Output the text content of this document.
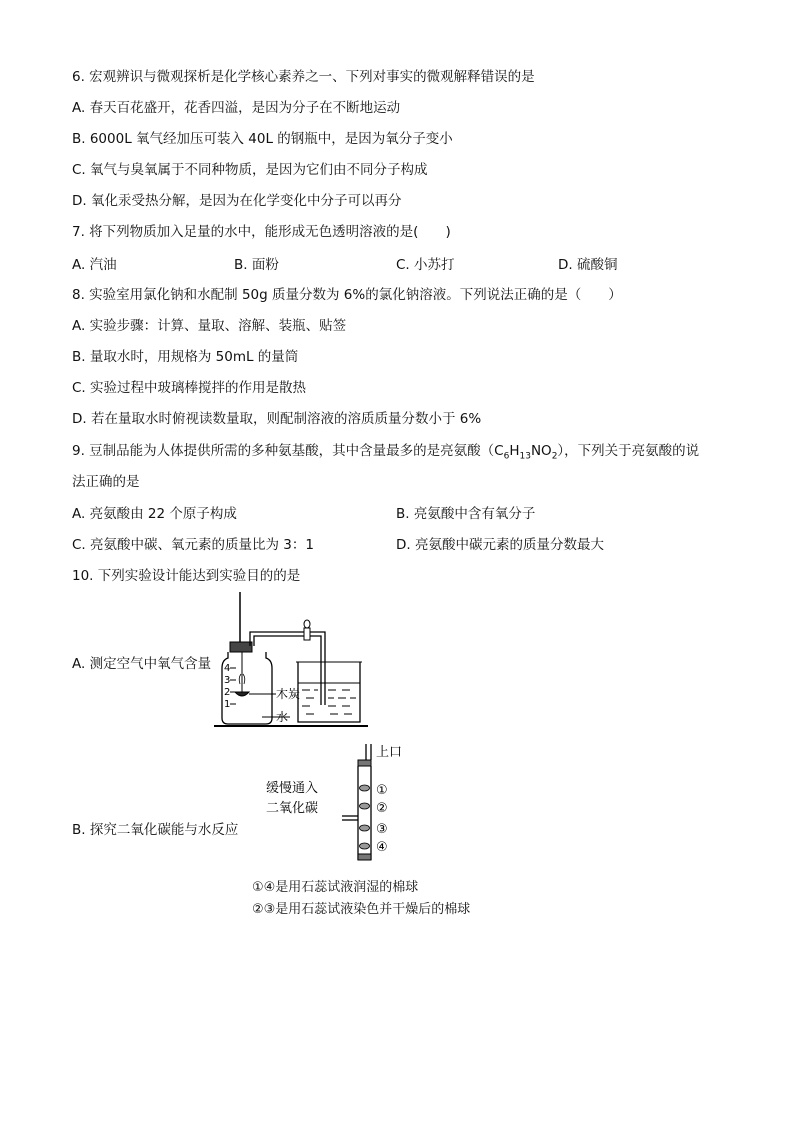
6. 宏观辨识与微观探析是化学核心素养之一、下列对事实的微观解释错误的是
A. 春天百花盛开，花香四溢，是因为分子在不断地运动
B. 6000L 氧气经加压可装入 40L 的钢瓶中，是因为氧分子变小
C. 氧气与臭氧属于不同种物质，是因为它们由不同分子构成
D. 氧化汞受热分解，是因为在化学变化中分子可以再分
7. 将下列物质加入足量的水中，能形成无色透明溶液的是(　　)
A. 汽油	B. 面粉	C. 小苏打	D. 硫酸铜
8. 实验室用氯化钠和水配制 50g 质量分数为 6%的氯化钠溶液。下列说法正确的是（　　）
A. 实验步骤：计算、量取、溶解、装瓶、贴签
B. 量取水时，用规格为 50mL 的量筒
C. 实验过程中玻璃棒搅拌的作用是散热
D. 若在量取水时俯视读数量取，则配制溶液的溶质质量分数小于 6%
9. 豆制品能为人体提供所需的多种氨基酸，其中含量最多的是亮氨酸$(C_6H_{13}NO_2)$，下列关于亮氨酸的说
法正确的是
A. 亮氨酸由 22 个原子构成	B. 亮氨酸中含有氧分子
C. 亮氨酸中碳、氧元素的质量比为 3：1	D. 亮氨酸中碳元素的质量分数最大
10. 下列实验设计能达到实验目的的是
A. 测定空气中氧气含量 4
3
2
1
木炭
水
B. 探究二氧化碳能与水反应
上口
缓慢通入
二氧化碳
①
②
③
④
①④是用石蕊试液润湿的棉球
②③是用石蕊试液染色并干燥后的棉球
